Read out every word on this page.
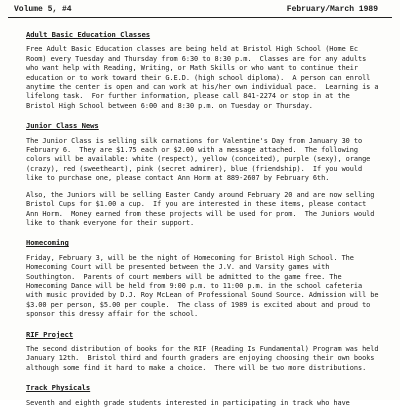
Volume 5, #4	February/March 1989
Adult Basic Education Classes

Free Adult Basic Education classes are being held at Bristol High School (Home Ec Room) every Tuesday and Thursday from 6:30 to 8:30 p.m.  Classes are for any adults who want help with Reading, Writing, or Math Skills or who want to continue their education or to work toward their G.E.D. (high school diploma).  A person can enroll anytime the center is open and can work at his/her own individual pace.  Learning is a lifelong task.  For further information, please call 841-2274 or stop in at the Bristol High School between 6:00 and 8:30 p.m. on Tuesday or Thursday.

Junior Class News

The Junior Class is selling silk carnations for Valentine's Day from January 30 to February 6.  They are $1.75 each or $2.00 with a message attached.  The following colors will be available: white (respect), yellow (conceited), purple (sexy), orange (crazy), red (sweetheart), pink (secret admirer), blue (friendship).  If you would like to purchase one, please contact Ann Horm at 889-2607 by February 6th.

Also, the Juniors will be selling Easter Candy around February 20 and are now selling Bristol Cups for $1.00 a cup.  If you are interested in these items, please contact Ann Horm.  Money earned from these projects will be used for prom.  The Juniors would like to thank everyone for their support.

Homecoming

Friday, February 3, will be the night of Homecoming for Bristol High School. The Homecoming Court will be presented between the J.V. and Varsity games with Southington.  Parents of court members will be admitted to the game free. The Homecoming Dance will be held from 9:00 p.m. to 11:00 p.m. in the school cafeteria with music provided by D.J. Roy McLean of Professional Sound Source. Admission will be $3.00 per person, $5.00 per couple.  The class of 1989 is excited about and proud to sponsor this dressy affair for the school.

RIF Project

The second distribution of books for the RIF (Reading Is Fundamental) Program was held January 12th.  Bristol third and fourth graders are enjoying choosing their own books although some find it hard to make a choice.  There will be two more distributions.

Track Physicals

Seventh and eighth grade students interested in participating in track who have
